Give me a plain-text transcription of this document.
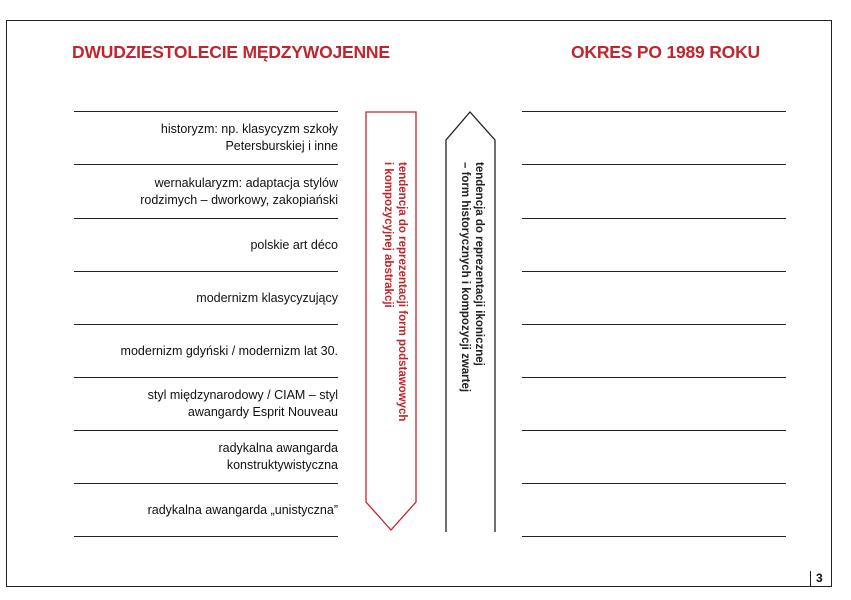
DWUDZIESTOLECIE MĘDZYWOJENNE	OKRES PO 1989 ROKU
historyzm: np. klasycyzm szkoły
Petersburskiej i inne
wernakularyzm: adaptacja stylów
rodzimych – dworkowy, zakopiański
polskie art déco
modernizm klasycyzujący
modernizm gdyński / modernizm lat 30.
styl międzynarodowy / CIAM – styl
awangardy Esprit Nouveau
radykalna awangarda
konstruktywistyczna
radykalna awangarda „unistyczna”
tendencja do reprezentacji form podstawowych
i kompozycyjnej abstrakcji	tendencja do reprezentacji ikonicznej
– form historycznych i kompozycji zwartej
3
